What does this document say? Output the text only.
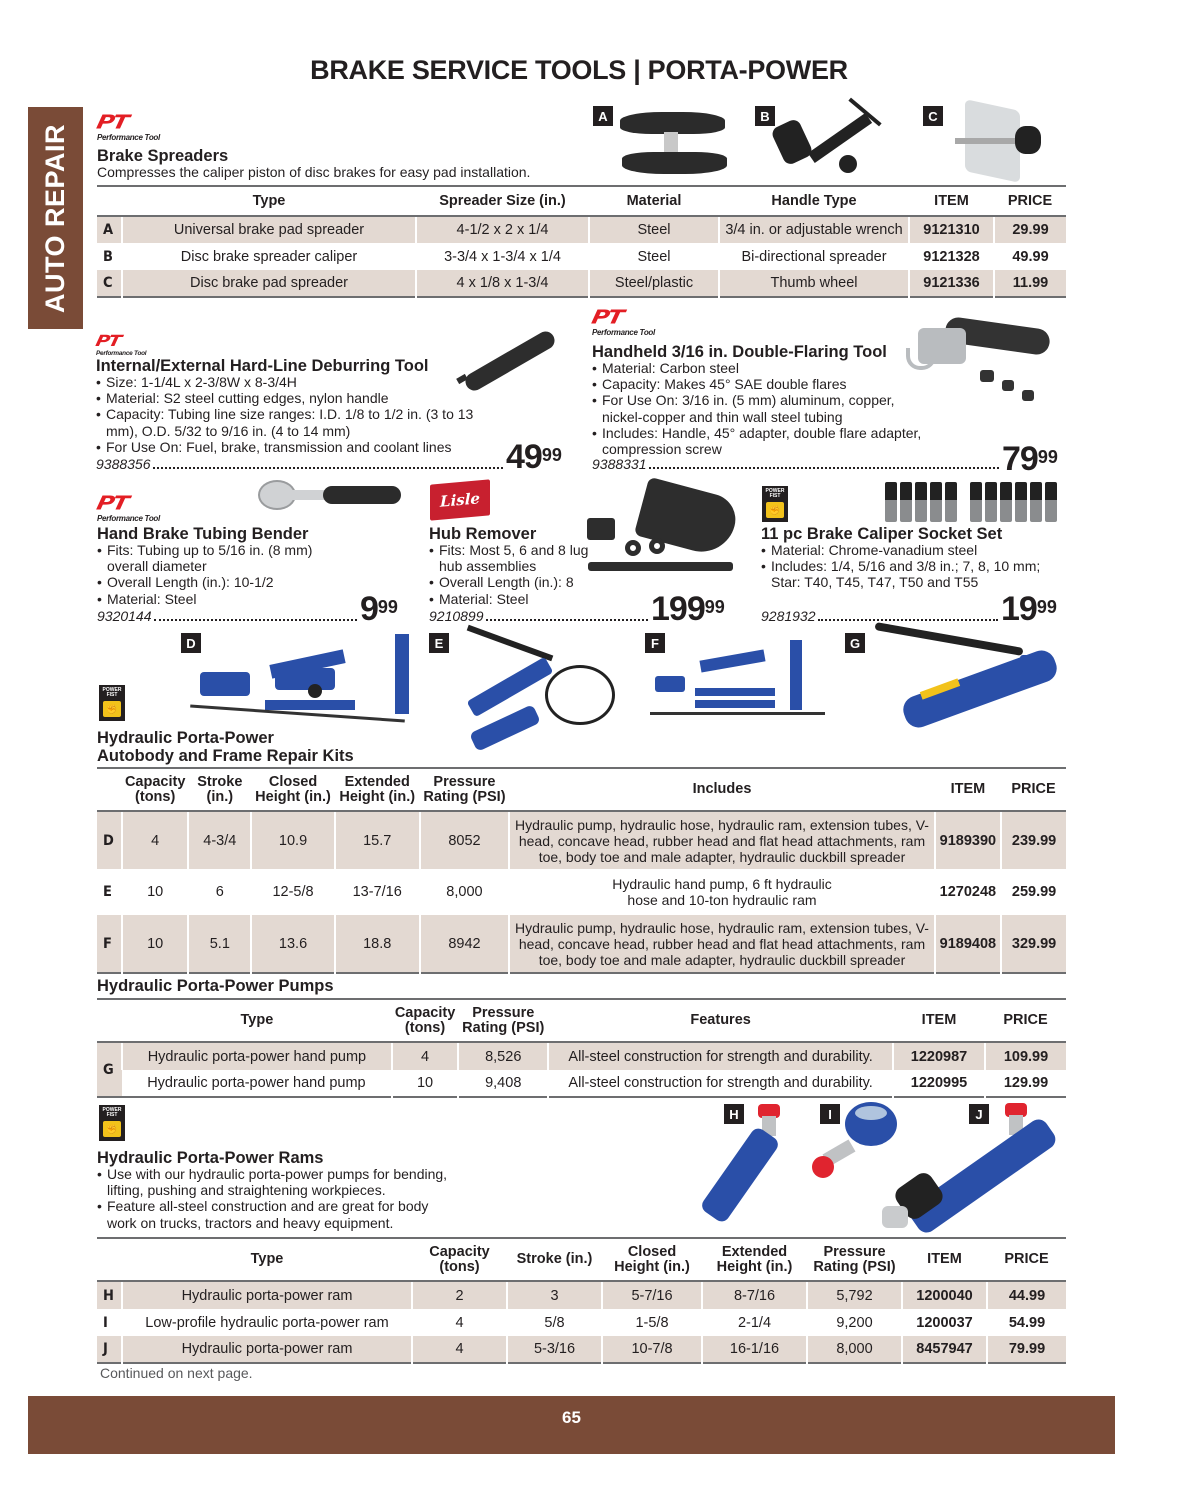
BRAKE SERVICE TOOLS | PORTA-POWER
AUTO REPAIR
PT
Performance Tool
Brake Spreaders
Compresses the caliper piston of disc brakes for easy pad installation.
A	B	C
	Type	Spreader Size (in.)	Material	Handle Type	ITEM	PRICE
A	Universal brake pad spreader	4-1/2 x 2 x 1/4	Steel	3/4 in. or adjustable wrench	9121310	29.99
B	Disc brake spreader caliper	3-3/4 x 1-3/4 x 1/4	Steel	Bi-directional spreader	9121328	49.99
C	Disc brake pad spreader	4 x 1/8 x 1-3/4	Steel/plastic	Thumb wheel	9121336	11.99
PT
Performance Tool
Internal/External Hard-Line Deburring Tool
• Size: 1-1/4L x 2-3/8W x 8-3/4H
• Material: S2 steel cutting edges, nylon handle
• Capacity: Tubing line size ranges: I.D. 1/8 to 1/2 in. (3 to 13 mm), O.D. 5/32 to 9/16 in. (4 to 14 mm)
• For Use On: Fuel, brake, transmission and coolant lines
9388356	$49^{99}$
PT
Performance Tool
Handheld 3/16 in. Double-Flaring Tool
• Material: Carbon steel
• Capacity: Makes 45° SAE double flares
• For Use On: 3/16 in. (5 mm) aluminum, copper, nickel-copper and thin wall steel tubing
• Includes: Handle, 45° adapter, double flare adapter, compression screw
9388331	$79^{99}$
PT
Performance Tool
Hand Brake Tubing Bender
• Fits: Tubing up to 5/16 in. (8 mm) overall diameter
• Overall Length (in.): 10-1/2
• Material: Steel
9320144	$9^{99}$
Lisle
Hub Remover
• Fits: Most 5, 6 and 8 lug hub assemblies
• Overall Length (in.): 8
• Material: Steel
9210899	$199^{99}$
POWER FIST
✊
11 pc Brake Caliper Socket Set
• Material: Chrome-vanadium steel
• Includes: 1/4, 5/16 and 3/8 in.; 7, 8, 10 mm; Star: T40, T45, T47, T50 and T55
9281932	$19^{99}$
POWER FIST
✊
D	E	F	G
Hydraulic Porta-Power
Autobody and Frame Repair Kits
	Capacity (tons)	Stroke (in.)	Closed Height (in.)	Extended Height (in.)	Pressure Rating (PSI)	Includes	ITEM	PRICE
D	4	4-3/4	10.9	15.7	8052	Hydraulic pump, hydraulic hose, hydraulic ram, extension tubes, V-head, concave head, rubber head and flat head attachments, ram toe, body toe and male adapter, hydraulic duckbill spreader	9189390	239.99
E	10	6	12-5/8	13-7/16	8,000	Hydraulic hand pump, 6 ft hydraulic hose and 10-ton hydraulic ram	1270248	259.99
F	10	5.1	13.6	18.8	8942	Hydraulic pump, hydraulic hose, hydraulic ram, extension tubes, V-head, concave head, rubber head and flat head attachments, ram toe, body toe and male adapter, hydraulic duckbill spreader	9189408	329.99
Hydraulic Porta-Power Pumps
	Type	Capacity (tons)	Pressure Rating (PSI)	Features	ITEM	PRICE
G	Hydraulic porta-power hand pump	4	8,526	All-steel construction for strength and durability.	1220987	109.99
	Hydraulic porta-power hand pump	10	9,408	All-steel construction for strength and durability.	1220995	129.99
POWER FIST
✊
Hydraulic Porta-Power Rams
• Use with our hydraulic porta-power pumps for bending, lifting, pushing and straightening workpieces.
• Feature all-steel construction and are great for body work on trucks, tractors and heavy equipment.
H	I	J
	Type	Capacity (tons)	Stroke (in.)	Closed Height (in.)	Extended Height (in.)	Pressure Rating (PSI)	ITEM	PRICE
H	Hydraulic porta-power ram	2	3	5-7/16	8-7/16	5,792	1200040	44.99
I	Low-profile hydraulic porta-power ram	4	5/8	1-5/8	2-1/4	9,200	1200037	54.99
J	Hydraulic porta-power ram	4	5-3/16	10-7/8	16-1/16	8,000	8457947	79.99
Continued on next page.
65
